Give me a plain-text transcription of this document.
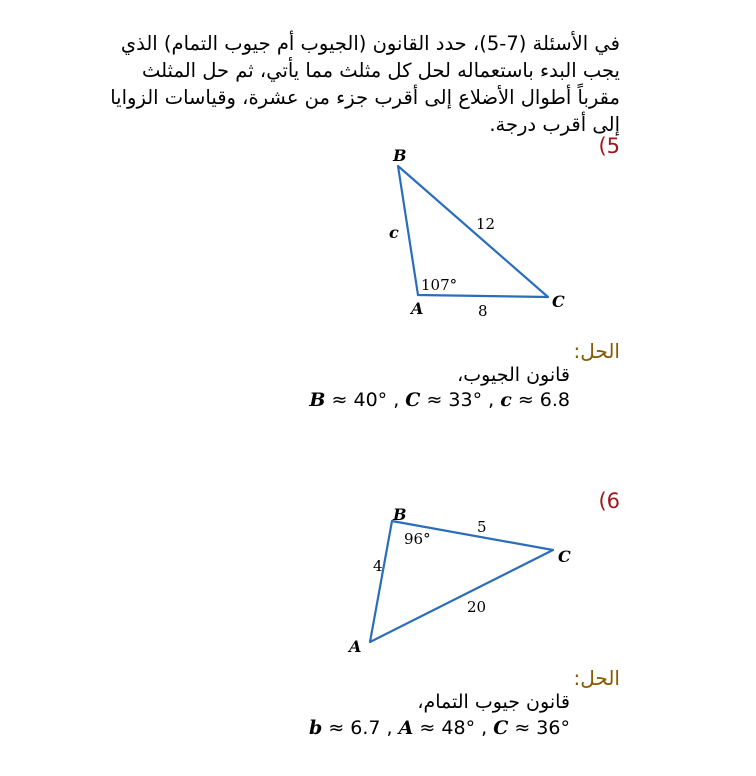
في الأسئلة (7-5)، حدد القانون (الجيوب أم جيوب التمام) الذي يجب البدء باستعماله لحل كل مثلث مما يأتي، ثم حل المثلث مقرباً أطوال الأضلاع إلى أقرب جزء من عشرة، وقياسات الزوايا إلى أقرب درجة.

(5
B
A	C
c	12
8
107°
B
C
A
4
5
20
96°
الحل:
قانون الجيوب،
B ≈ 40° , C ≈ 33° , c ≈ 6.8
(6
الحل:
قانون جيوب التمام،
b ≈ 6.7 , A ≈ 48° , C ≈ 36°
